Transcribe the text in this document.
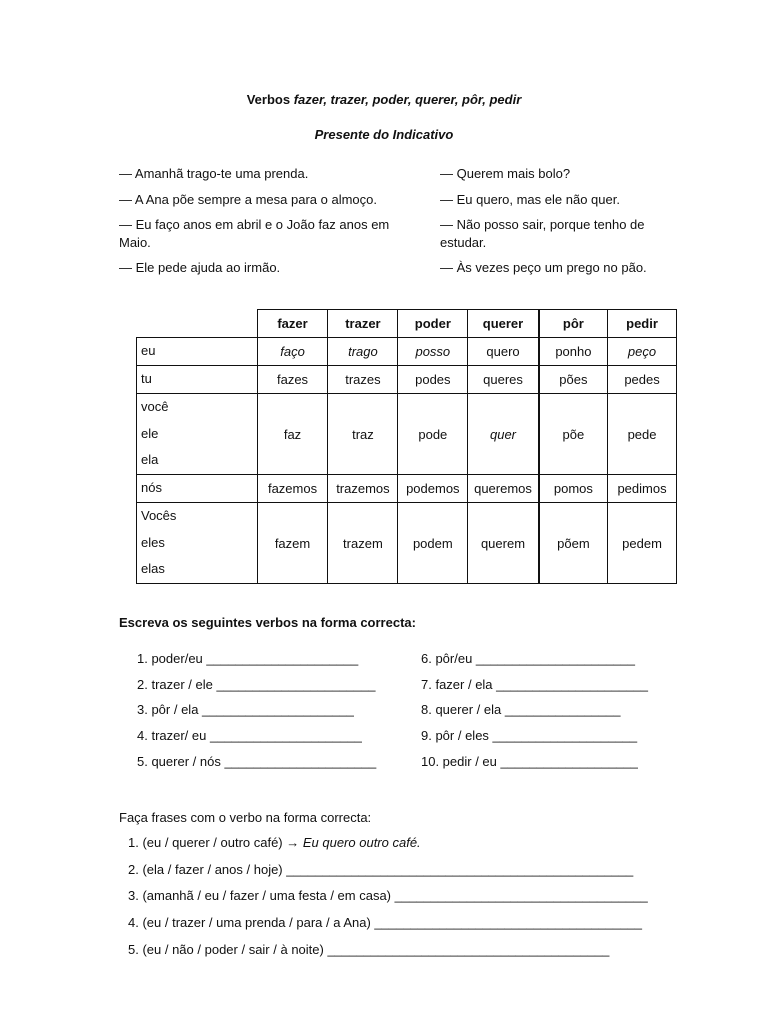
Verbos fazer, trazer, poder, querer, pôr, pedir
Presente do Indicativo
— Amanhã trago-te uma prenda.
— A Ana põe sempre a mesa para o almoço.
— Eu faço anos em abril e o João faz anos em Maio.
— Ele pede ajuda ao irmão.
— Querem mais bolo?
— Eu quero, mas ele não quer.
— Não posso sair, porque tenho de estudar.
— Às vezes peço um prego no pão.
	fazer	trazer	poder	querer	pôr	pedir

eu	faço	trago	posso	quero	ponho	peço

tu	fazes	trazes	podes	queres	pões	pedes

você
ele
ela	faz	traz	pode	quer	põe	pede

nós	fazemos	trazemos	podemos	queremos	pomos	pedimos

Vocês
eles
elas	fazem	trazem	podem	querem	põem	pedem
Escreva os seguintes verbos na forma correcta:
1. poder/eu _____________________
2. trazer / ele ______________________
3. pôr / ela _____________________
4. trazer/ eu _____________________
5. querer / nós _____________________
6. pôr/eu ______________________
7. fazer / ela _____________________
8. querer / ela ________________
9. pôr / eles ____________________
10. pedir / eu ___________________
Faça frases com o verbo na forma correcta:
1. (eu / querer / outro café) → Eu quero outro café.
2. (ela / fazer / anos / hoje) ________________________________________________
3. (amanhã / eu / fazer / uma festa / em casa) ___________________________________
4. (eu / trazer / uma prenda / para / a Ana) _____________________________________
5. (eu / não / poder / sair / à noite) _______________________________________
